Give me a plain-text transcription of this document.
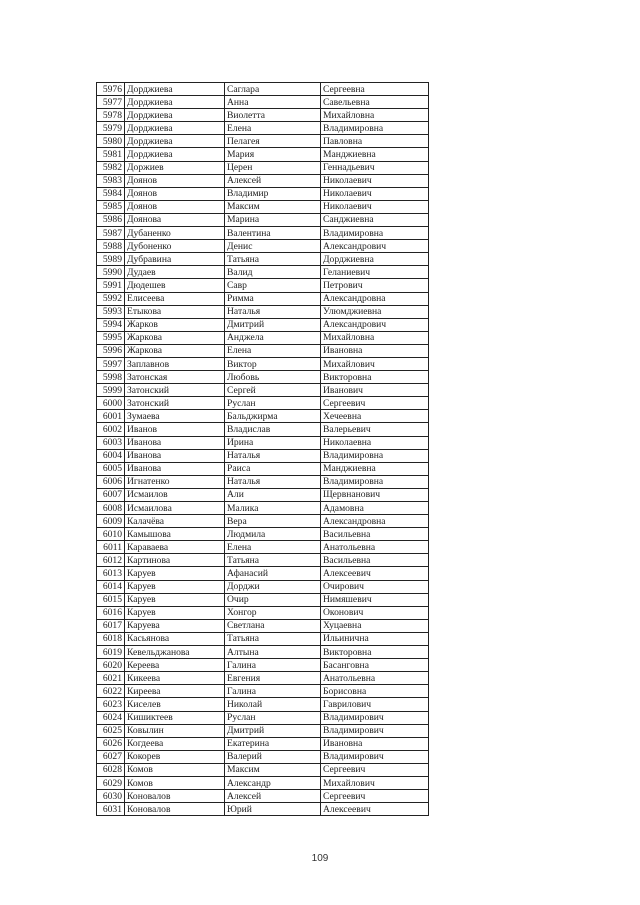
5976	Дорджиева	Саглара	Сергеевна
5977	Дорджиева	Анна	Савельевна
5978	Дорджиева	Виолетта	Михайловна
5979	Дорджиева	Елена	Владимировна
5980	Дорджиева	Пелагея	Павловна
5981	Дорджиева	Мария	Манджиевна
5982	Доржиев	Церен	Геннадьевич
5983	Доянов	Алексей	Николаевич
5984	Доянов	Владимир	Николаевич
5985	Доянов	Максим	Николаевич
5986	Доянова	Марина	Санджиевна
5987	Дубаненко	Валентина	Владимировна
5988	Дубоненко	Денис	Александрович
5989	Дубравина	Татьяна	Дорджиевна
5990	Дудаев	Валид	Геланиевич
5991	Дюдешев	Савр	Петрович
5992	Елисеева	Римма	Александровна
5993	Етыкова	Наталья	Улюмджиевна
5994	Жарков	Дмитрий	Александрович
5995	Жаркова	Анджела	Михайловна
5996	Жаркова	Елена	Ивановна
5997	Заплавнов	Виктор	Михайлович
5998	Затонская	Любовь	Викторовна
5999	Затонский	Сергей	Иванович
6000	Затонский	Руслан	Сергеевич
6001	Зумаева	Бальджирма	Хечеевна
6002	Иванов	Владислав	Валерьевич
6003	Иванова	Ирина	Николаевна
6004	Иванова	Наталья	Владимировна
6005	Иванова	Раиса	Манджиевна
6006	Игнатенко	Наталья	Владимировна
6007	Исмаилов	Али	Щервнанович
6008	Исмаилова	Малика	Адамовна
6009	Калачёва	Вера	Александровна
6010	Камышова	Людмила	Васильевна
6011	Караваева	Елена	Анатольевна
6012	Картинова	Татьяна	Васильевна
6013	Каруев	Афанасий	Алексеевич
6014	Каруев	Дорджи	Очирович
6015	Каруев	Очир	Нимяшевич
6016	Каруев	Хонгор	Оконович
6017	Каруева	Светлана	Хуцаевна
6018	Касьянова	Татьяна	Ильиничнa
6019	Кевельджанова	Алтына	Викторовна
6020	Кереева	Галина	Басанговна
6021	Кикеева	Евгения	Анатольевна
6022	Киреева	Галина	Борисовна
6023	Киселев	Николай	Гаврилович
6024	Кишиктеев	Руслан	Владимирович
6025	Ковылин	Дмитрий	Владимирович
6026	Когдеева	Екатерина	Ивановна
6027	Кокорев	Валерий	Владимирович
6028	Комов	Максим	Сергеевич
6029	Комов	Александр	Михайлович
6030	Коновалов	Алексей	Сергеевич
6031	Коновалов	Юрий	Алексеевич
109
